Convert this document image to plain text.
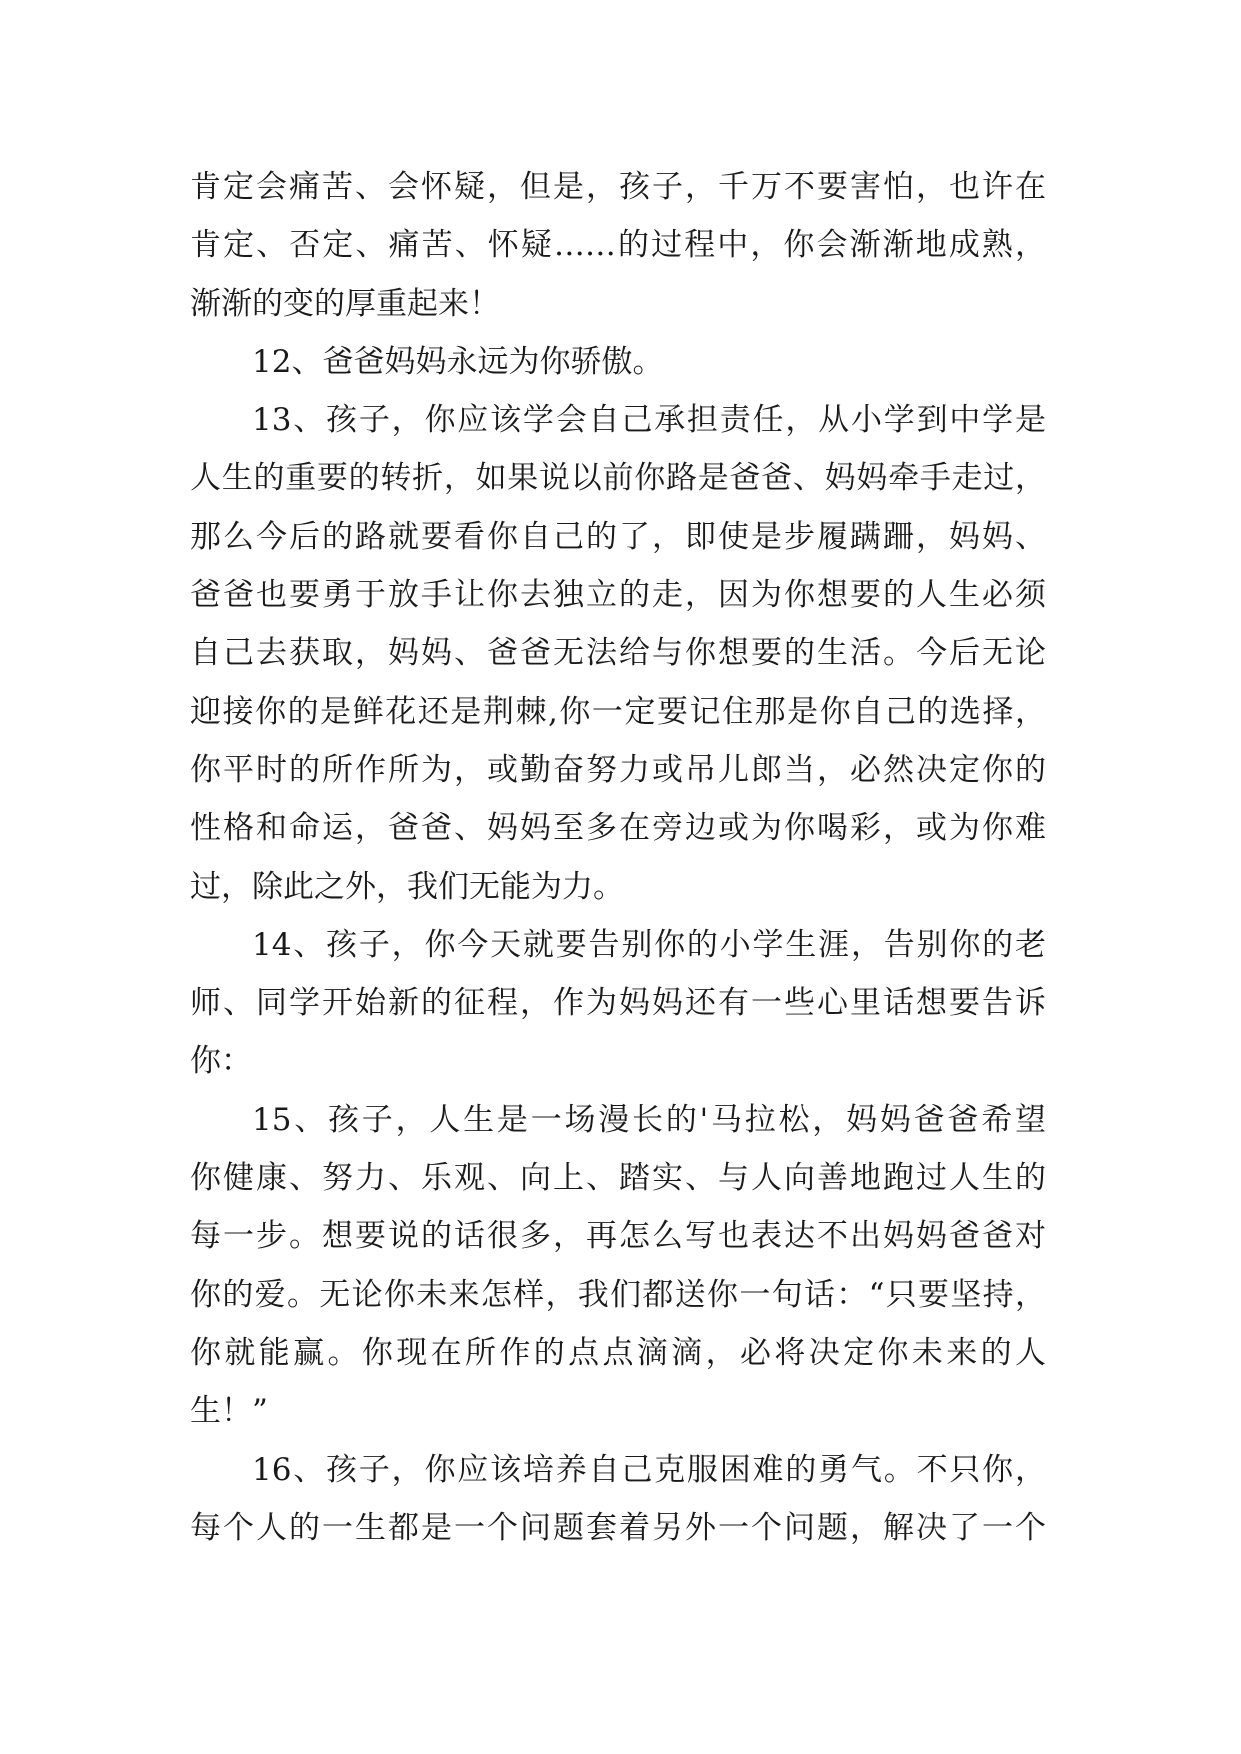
肯定会痛苦、会怀疑，但是，孩子，千万不要害怕，也许在
肯定、否定、痛苦、怀疑……的过程中，你会渐渐地成熟，
渐渐的变的厚重起来！
12、爸爸妈妈永远为你骄傲。
13、孩子，你应该学会自己承担责任，从小学到中学是
人生的重要的转折，如果说以前你路是爸爸、妈妈牵手走过，
那么今后的路就要看你自己的了，即使是步履蹒跚，妈妈、
爸爸也要勇于放手让你去独立的走，因为你想要的人生必须
自己去获取，妈妈、爸爸无法给与你想要的生活。今后无论
迎接你的是鲜花还是荆棘,你一定要记住那是你自己的选择，
你平时的所作所为，或勤奋努力或吊儿郎当，必然决定你的
性格和命运，爸爸、妈妈至多在旁边或为你喝彩，或为你难
过，除此之外，我们无能为力。
14、孩子，你今天就要告别你的小学生涯，告别你的老
师、同学开始新的征程，作为妈妈还有一些心里话想要告诉
你：
15、孩子，人生是一场漫长的'马拉松，妈妈爸爸希望
你健康、努力、乐观、向上、踏实、与人向善地跑过人生的
每一步。想要说的话很多，再怎么写也表达不出妈妈爸爸对
你的爱。无论你未来怎样，我们都送你一句话：“只要坚持，
你就能赢。你现在所作的点点滴滴，必将决定你未来的人
生！”
16、孩子，你应该培养自己克服困难的勇气。不只你，
每个人的一生都是一个问题套着另外一个问题，解决了一个
